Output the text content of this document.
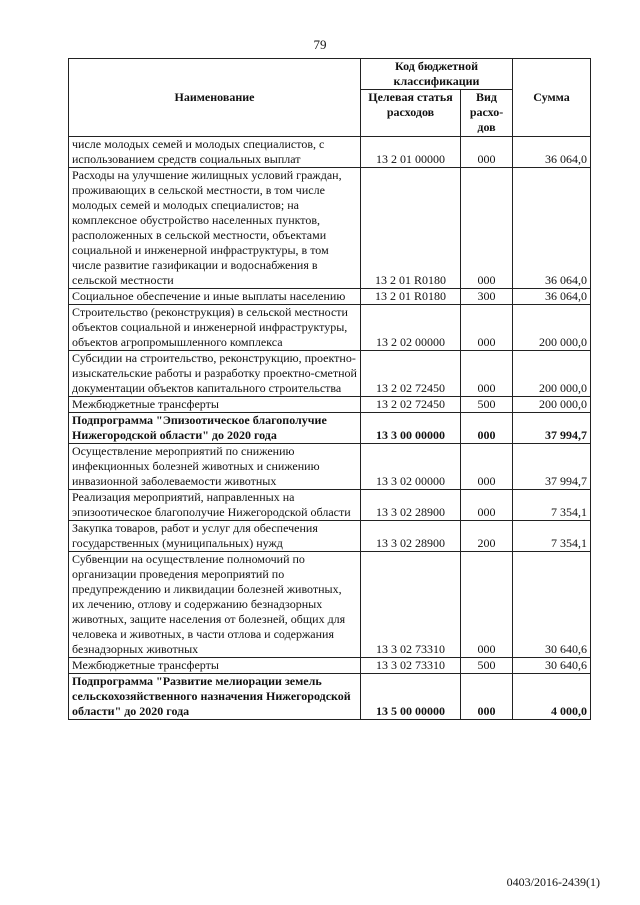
79
Наименование	Код бюджетной классификации		Сумма
	Целевая статья расходов	Вид расхо-дов	
числе молодых семей и молодых специалистов, с использованием средств социальных выплат	13 2 01 00000	000	36 064,0
Расходы на улучшение жилищных условий граждан, проживающих в сельской местности, в том числе молодых семей и молодых специалистов; на комплексное обустройство населенных пунктов, расположенных в сельской местности, объектами социальной и инженерной инфраструктуры, в том числе развитие газификации и водоснабжения в сельской местности	13 2 01 R0180	000	36 064,0
Социальное обеспечение и иные выплаты населению	13 2 01 R0180	300	36 064,0
Строительство (реконструкция) в сельской местности объектов социальной и инженерной инфраструктуры, объектов агропромышленного комплекса	13 2 02 00000	000	200 000,0
Субсидии на строительство, реконструкцию, проектно-изыскательские работы и разработку проектно-сметной документации объектов капитального строительства	13 2 02 72450	000	200 000,0
Межбюджетные трансферты	13 2 02 72450	500	200 000,0
Подпрограмма "Эпизоотическое благополучие Нижегородской области" до 2020 года	13 3 00 00000	000	37 994,7
Осуществление мероприятий по снижению инфекционных болезней животных и снижению инвазионной заболеваемости животных	13 3 02 00000	000	37 994,7
Реализация мероприятий, направленных на эпизоотическое благополучие Нижегородской области	13 3 02 28900	000	7 354,1
Закупка товаров, работ и услуг для обеспечения государственных (муниципальных) нужд	13 3 02 28900	200	7 354,1
Субвенции на осуществление полномочий по организации проведения мероприятий по предупреждению и ликвидации болезней животных, их лечению, отлову и содержанию безнадзорных животных, защите населения от болезней, общих для человека и животных, в части отлова и содержания безнадзорных животных	13 3 02 73310	000	30 640,6
Межбюджетные трансферты	13 3 02 73310	500	30 640,6
Подпрограмма "Развитие мелиорации земель сельскохозяйственного назначения Нижегородской области" до 2020 года	13 5 00 00000	000	4 000,0
0403/2016-2439(1)
